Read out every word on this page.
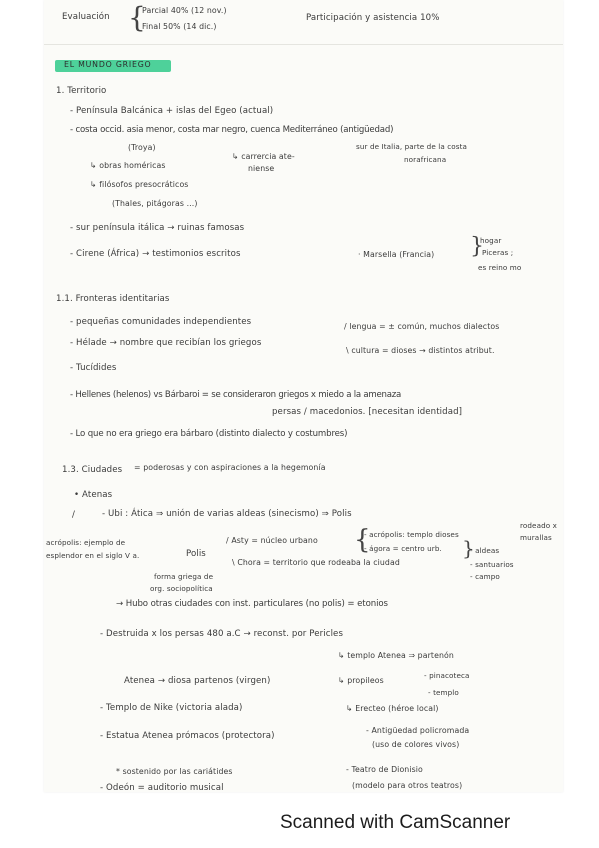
Evaluación {
Parcial 40% (12 nov.)
Final 50% (14 dic.)
Participación y asistencia 10%
EL MUNDO GRIEGO
1. Territorio
- Península Balcánica + islas del Egeo (actual)
- costa occid. asia menor, costa mar negro, cuenca Mediterráneo (antigüedad)
(Troya)	sur de Italia, parte de la costa
norafricana
↳ obras homéricas
↳ carrercia ate-
niense
↳ filósofos presocráticos
(Thales, pitágoras ...)
- sur península itálica → ruinas famosas
- Cirene (África) → testimonios escritos	· Marsella (Francia) }
hogar
Piceras ;
es reino mo
1.1. Fronteras identitarias
- pequeñas comunidades independientes
- Hélade → nombre que recibían los griegos
/ lengua = ± común, muchos dialectos
\ cultura = dioses → distintos atribut.
- Tucídides
- Hellenes (helenos) vs Bárbaroi = se consideraron griegos x miedo a la amenaza
persas / macedonios. [necesitan identidad]
- Lo que no era griego era bárbaro (distinto dialecto y costumbres)
1.3. Ciudades = poderosas y con aspiraciones a la hegemonía
• Atenas
/	- Ubi : Ática ⇒ unión de varias aldeas (sinecismo) ⇒ Polis
acrópolis: ejemplo de
esplendor en el siglo V a.	Polis
forma griega de
org. sociopolítica
/ Asty = núcleo urbano {
- acrópolis: templo dioses
- ágora = centro urb.
rodeado x
murallas
\ Chora = territorio que rodeaba la ciudad
}
- aldeas
- santuarios
- campo
→ Hubo otras ciudades con inst. particulares (no polis) = etonios
- Destruida x los persas 480 a.C → reconst. por Pericles
↳ templo Atenea ⇒ partenón
Atenea → diosa partenos (virgen)	↳ propileos
- pinacoteca
- templo
- Templo de Nike (victoria alada)	↳ Erecteo (héroe local)
- Estatua Atenea prómacos (protectora)
- Antigüedad policromada
(uso de colores vivos)
* sostenido por las cariátides	- Teatro de Dionisio
(modelo para otros teatros)
- Odeón = auditorio musical
Scanned with CamScanner
